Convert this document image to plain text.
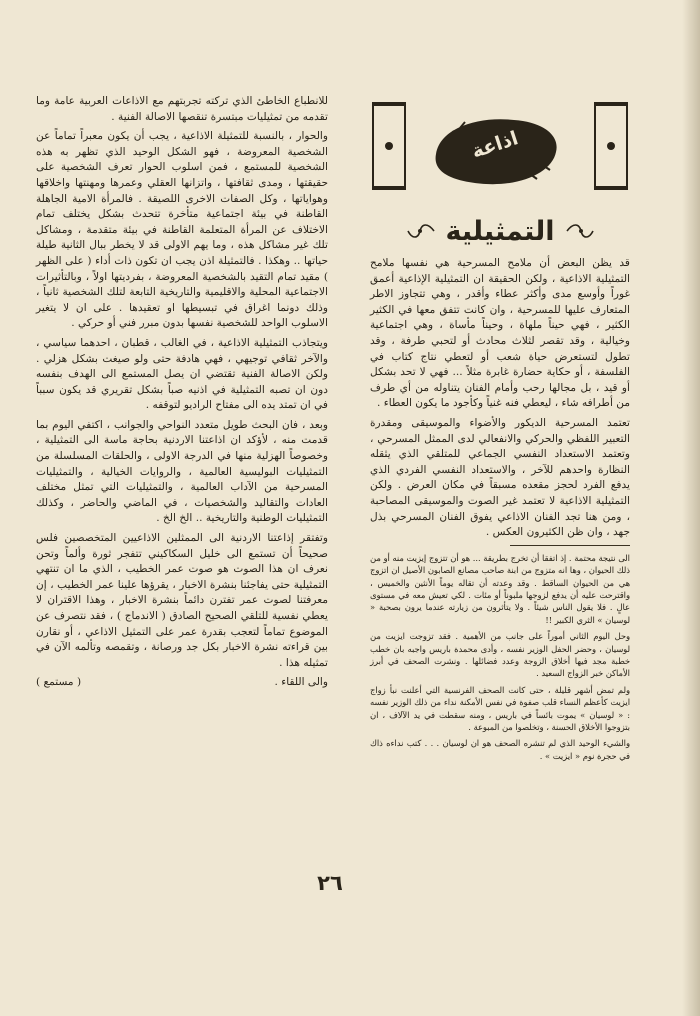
اذاعة
التمثيلية

قد يظن البعض أن ملامح المسرحية هي نفسها ملامح التمثيلية الاذاعية ، ولكن الحقيقة ان التمثيلية الإذاعية أعمق غوراً وأوسع مدى وأكثر عطاء وأقدر ، وهي تتجاوز الاطر المتعارف عليها للمسرحية ، وان كانت تتفق معها في الكثير الكثير ، فهي حيناً ملهاة ، وحيناً مأساة ، وهي اجتماعية وخيالية ، وقد تقصر لثلاث محادث أو لتحبي طرفة ، وقد تطول لتستعرض حياة شعب أو لتعطي نتاج كتاب في الفلسفة ، أو حكاية حضارة غابرة مثلاً ... فهي لا تحد بشكل أو قيد ، بل مجالها رحب وأمام الفنان يتناوله من أي طرف من أطرافه شاء ، ليعطي فنه غنياً وكأجود ما يكون العطاء .

تعتمد المسرحية الديكور والأضواء والموسيقى ومقدرة التعبير اللفظي والحركي والانفعالي لدى الممثل المسرحي ، وتعتمد الاستعداد النفسي الجماعي للمتلقي الذي يثقله النظارة واحدهم للآخر ، والاستعداد النفسي الفردي الذي يدفع الفرد لحجز مقعده مسبقاً في مكان العرض . ولكن التمثيلية الاذاعية لا تعتمد غير الصوت والموسيقى المصاحبة ، ومن هنا تجد الفنان الاذاعي يفوق الفنان المسرحي بذل جهد ، وان ظن الكثيرون العكس .

الى نتيجة محتمة . إذ اتفقا أن تخرج بطريقة ... هو أن تتزوج إيزيت منه أو من ذلك الحيوان ، وها انه متزوج من ابنة صاحب مصانع الصابون الأصيل ان اتزوج هي من الحيوان الساقط . وقد وعدته أن تقاله يوماً الأنثين والخميس ، واقترحت عليه أن يدفع لزوجها ملبوناً أو مئات . لكي تعيش معه في مستوى عالٍ . فلا يقول الناس شيئاً . ولا يتأثرون من زيارته عندما يرون بصحبة « لوسيان » الثري الكبير !!

وحل اليوم الثاني أموراً على جانب من الأهمية . فقد تزوجت ايزيت من لوسيان ، وحضر الحفل الوزير نفسه ، وأدى محمدة باريس واجبه بان خطب خطبة مجد فيها أخلاق الزوجة وعدد فضائلها . ونشرت الصحف في أبرز الأماكن خبر الزواج السعيد .

ولم تمض أشهر قليلة ، حتى كانت الصحف الفرنسية التي أعلنت نبأ زواج ايزيت كأعظم النساء قلب صفوة في نفس الأمكنة نداء من ذلك الوزير نفسه : « لوسيان » يموت بائساً في باريس ، ومنه سقطت في يد الآلاف ، ان بتزوجوا الأخلاق الحسنة ، وتخلصوا من المبوعة .

والشيء الوحيد الذي لم تنشره الصحف هو ان لوسيان . . . كتب نداءه ذاك في حجرة نوم « ايزيت » .

للانطباع الخاطئ الذي تركته تجربتهم مع الاذاعات العربية عامة وما تقدمه من تمثيليات مبتسرة تنقصها الاصالة الفنية .

والحوار ، بالنسبة للتمثيلة الاذاعية ، يجب أن يكون معبراً تماماً عن الشخصية المعروضة ، فهو الشكل الوحيد الذي تظهر به هذه الشخصية للمستمع ، فمن اسلوب الحوار تعرف الشخصية على حقيقتها ، ومدى ثقافتها ، واتزانها العقلي وعمرها ومهنتها واخلاقها وهواياتها ، وكل الصفات الاخرى اللصيقة . فالمرأة الامية الجاهلة القاطنة في بيئة اجتماعية متأخرة تتحدث بشكل يختلف تمام الاختلاف عن المرأة المتعلمة القاطنة في بيئة متقدمة ، ومشاكل تلك غير مشاكل هذه ، وما يهم الاولى قد لا يخطر ببال الثانية طيلة حياتها .. وهكذا . فالتمثيلة اذن يجب ان تكون ذات أداء ( على الظهر ) مقيد تمام التقيد بالشخصية المعروضة ، بفرديتها اولاً ، وبالتأثيرات الاجتماعية المحلية والاقليمية والتاريخية التابعة لتلك الشخصية ثانياً ، وذلك دونما اغراق في تبسيطها او تعقيدها . على ان لا يتغير الاسلوب الواحد للشخصية نفسها بدون مبرر فني أو حركي .

ويتجاذب التمثيلية الاذاعية ، في الغالب ، قطبان ، احدهما سياسي ، والآخر ثقافي توجيهي ، فهي هادفة حتى ولو صيغت بشكل هزلي . ولكن الاصالة الفنية تقتضي ان يصل المستمع الى الهدف بنفسه دون ان تصبه التمثيلية في اذنيه صباً بشكل تقريري قد يكون سبباً في ان تمتد يده الى مفتاح الراديو لتوقفه .

وبعد ، فان البحث طويل متعدد النواحي والجوانب ، اكتفي اليوم بما قدمت منه ، لأؤكد ان اذاعتنا الاردنية بحاجة ماسة الى التمثيلية ، وخصوصاً الهزلية منها في الدرجة الاولى ، والحلقات المسلسلة من التمثيليات البوليسية العالمية ، والروايات الخيالية ، والتمثيليات المسرحية من الآداب العالمية ، والتمثيليات التي تمثل مختلف العادات والتقاليد والشخصيات ، في الماضي والحاضر ، وكذلك التمثيليات الوطنية والتاريخية .. الخ الخ .

وتفتقر إذاعتنا الاردنية الى الممثلين الاذاعيين المتخصصين فلس صحيحاً أن تستمع الى خليل السكاكيني تتفجر ثورة وألماً وتحن نعرف ان هذا الصوت هو صوت عمر الخطيب ، الذي ما ان تنتهي التمثيلية حتى يفاجئنا بنشرة الاخبار ، يقرؤها علينا عمر الخطيب ، إن معرفتنا لصوت عمر تفترن دائماً بنشرة الاخبار ، وهذا الاقتران لا يعطي نفسية للتلقي الصحيح الصادق ( الاندماج ) ، فقد نتصرف عن الموضوع تماماً لتعجب بقدرة عمر على التمثيل الاذاعي ، أو نقارن بين قراءته نشرة الاخبار بكل جد ورصانة ، وتقمصه وتألمه الآن في تمثيله هذا .

والى اللقاء .
( مستمع )
٢٦
